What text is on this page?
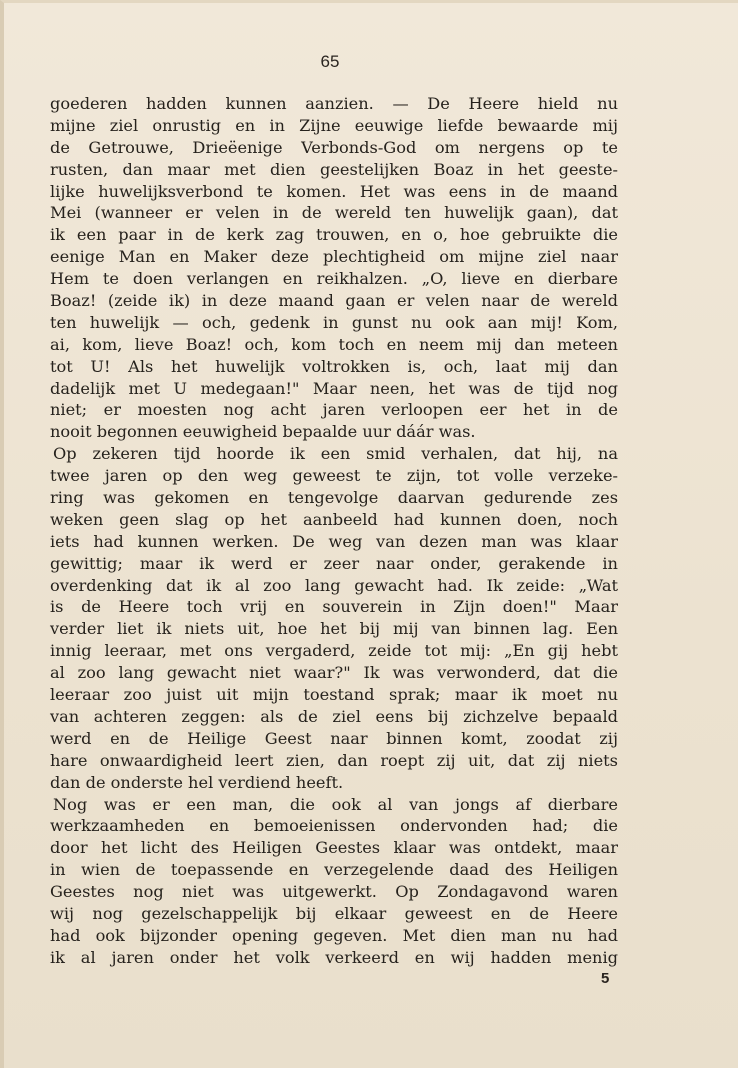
65
goederen hadden kunnen aanzien. — De Heere hield nu
mijne ziel onrustig en in Zijne eeuwige liefde bewaarde mij
de Getrouwe, Drieëenige Verbonds-God om nergens op te
rusten, dan maar met dien geestelijken Boaz in het geeste-
lijke huwelijksverbond te komen. Het was eens in de maand
Mei (wanneer er velen in de wereld ten huwelijk gaan), dat
ik een paar in de kerk zag trouwen, en o, hoe gebruikte die
eenige Man en Maker deze plechtigheid om mijne ziel naar
Hem te doen verlangen en reikhalzen. „O, lieve en dierbare
Boaz! (zeide ik) in deze maand gaan er velen naar de wereld
ten huwelijk — och, gedenk in gunst nu ook aan mij! Kom,
ai, kom, lieve Boaz! och, kom toch en neem mij dan meteen
tot U! Als het huwelijk voltrokken is, och, laat mij dan
dadelijk met U medegaan!" Maar neen, het was de tijd nog
niet; er moesten nog acht jaren verloopen eer het in de
nooit begonnen eeuwigheid bepaalde uur dáár was.
Op zekeren tijd hoorde ik een smid verhalen, dat hij, na
twee jaren op den weg geweest te zijn, tot volle verzeke-
ring was gekomen en tengevolge daarvan gedurende zes
weken geen slag op het aanbeeld had kunnen doen, noch
iets had kunnen werken. De weg van dezen man was klaar
gewittig; maar ik werd er zeer naar onder, gerakende in
overdenking dat ik al zoo lang gewacht had. Ik zeide: „Wat
is de Heere toch vrij en souverein in Zijn doen!" Maar
verder liet ik niets uit, hoe het bij mij van binnen lag. Een
innig leeraar, met ons vergaderd, zeide tot mij: „En gij hebt
al zoo lang gewacht niet waar?" Ik was verwonderd, dat die
leeraar zoo juist uit mijn toestand sprak; maar ik moet nu
van achteren zeggen: als de ziel eens bij zichzelve bepaald
werd en de Heilige Geest naar binnen komt, zoodat zij
hare onwaardigheid leert zien, dan roept zij uit, dat zij niets
dan de onderste hel verdiend heeft.
Nog was er een man, die ook al van jongs af dierbare
werkzaamheden en bemoeienissen ondervonden had; die
door het licht des Heiligen Geestes klaar was ontdekt, maar
in wien de toepassende en verzegelende daad des Heiligen
Geestes nog niet was uitgewerkt. Op Zondagavond waren
wij nog gezelschappelijk bij elkaar geweest en de Heere
had ook bijzonder opening gegeven. Met dien man nu had
ik al jaren onder het volk verkeerd en wij hadden menig
5
